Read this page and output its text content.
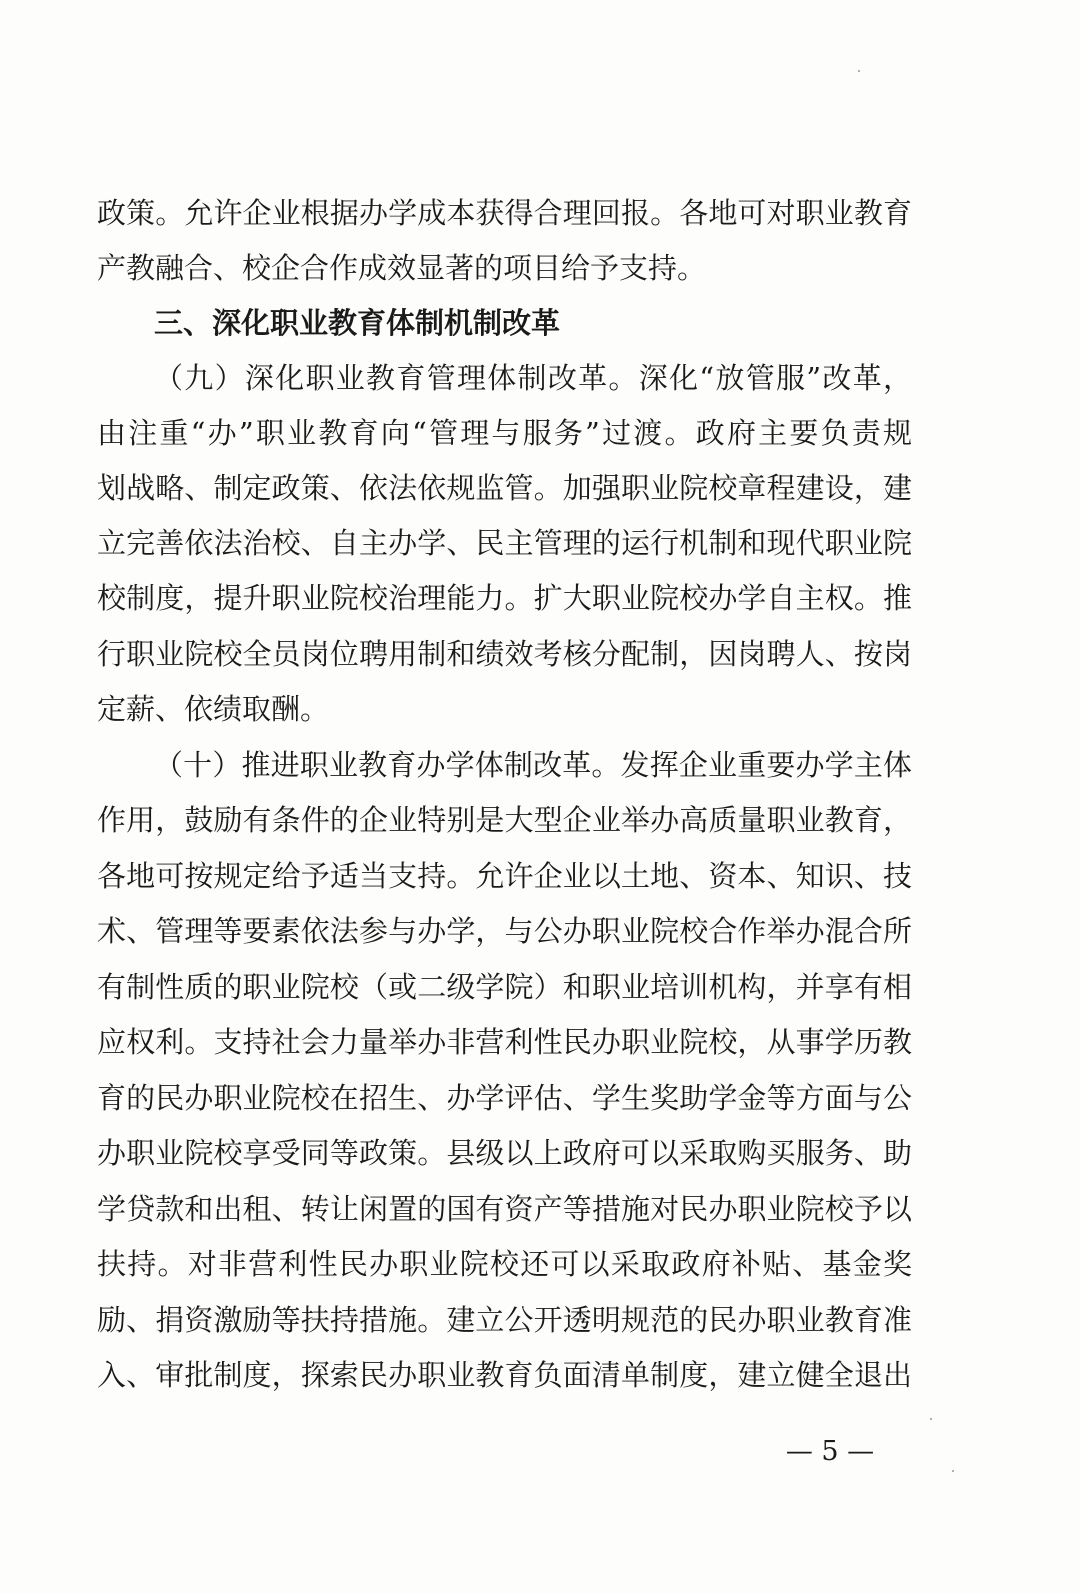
政策。允许企业根据办学成本获得合理回报。各地可对职业教育
产教融合、校企合作成效显著的项目给予支持。
三、深化职业教育体制机制改革
（九）深化职业教育管理体制改革。深化“放管服”改革，
由注重“办”职业教育向“管理与服务”过渡。政府主要负责规
划战略、制定政策、依法依规监管。加强职业院校章程建设，建
立完善依法治校、自主办学、民主管理的运行机制和现代职业院
校制度，提升职业院校治理能力。扩大职业院校办学自主权。推
行职业院校全员岗位聘用制和绩效考核分配制，因岗聘人、按岗
定薪、依绩取酬。
（十）推进职业教育办学体制改革。发挥企业重要办学主体
作用，鼓励有条件的企业特别是大型企业举办高质量职业教育，
各地可按规定给予适当支持。允许企业以土地、资本、知识、技
术、管理等要素依法参与办学，与公办职业院校合作举办混合所
有制性质的职业院校（或二级学院）和职业培训机构，并享有相
应权利。支持社会力量举办非营利性民办职业院校，从事学历教
育的民办职业院校在招生、办学评估、学生奖助学金等方面与公
办职业院校享受同等政策。县级以上政府可以采取购买服务、助
学贷款和出租、转让闲置的国有资产等措施对民办职业院校予以
扶持。对非营利性民办职业院校还可以采取政府补贴、基金奖
励、捐资激励等扶持措施。建立公开透明规范的民办职业教育准
入、审批制度，探索民办职业教育负面清单制度，建立健全退出
— 5 —
